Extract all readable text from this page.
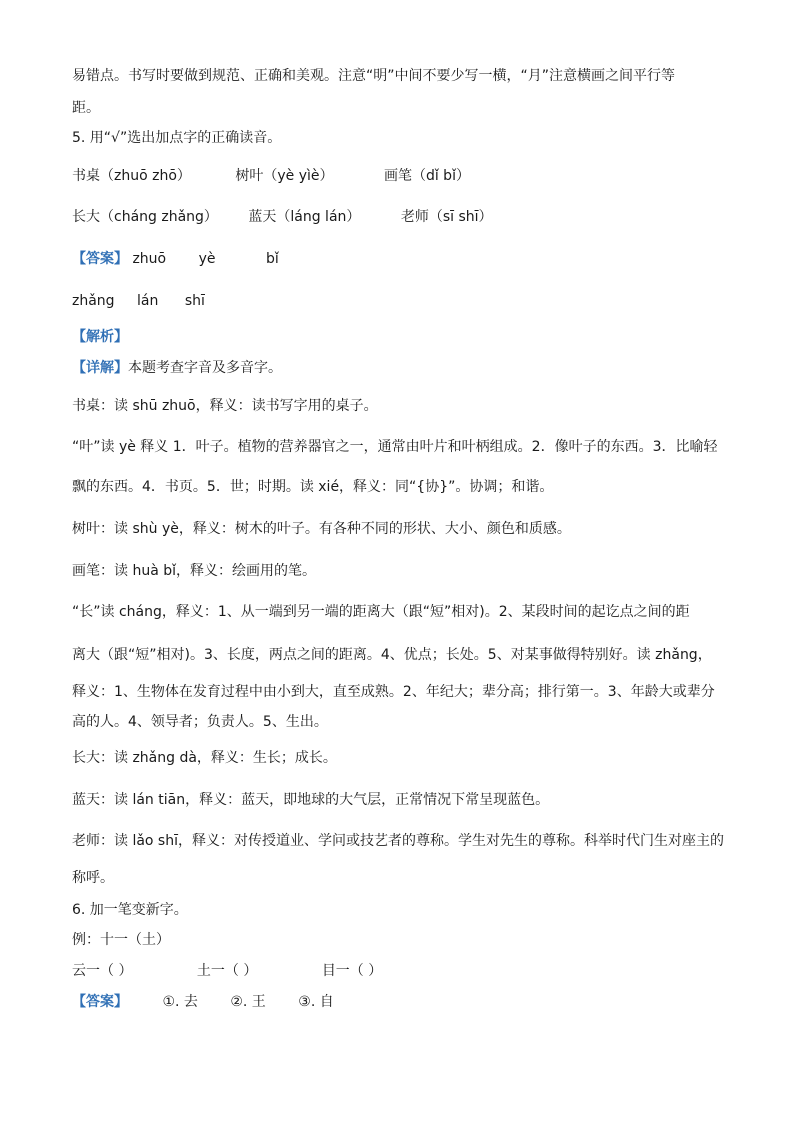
易错点。书写时要做到规范、正确和美观。注意“明”中间不要少写一横，“月”注意横画之间平行等
距。
5. 用“√”选出加点字的正确读音。
书桌（zhuō zhō）	树叶（yè yìè）	画笔（dǐ bǐ）
长大（cháng zhǎng） 蓝天（láng lán）	老师（sī shī）
【答案】 zhuō yè	bǐ
zhǎng lán shī
【解析】
【详解】本题考查字音及多音字。
书桌：读 shū zhuō，释义：读书写字用的桌子。
“叶”读 yè 释义 1．叶子。植物的营养器官之一，通常由叶片和叶柄组成。2．像叶子的东西。3．比喻轻
飘的东西。4．书页。5．世；时期。读 xié，释义：同“{协}”。协调；和谐。
树叶：读 shù yè，释义：树木的叶子。有各种不同的形状、大小、颜色和质感。
画笔：读 huà bǐ，释义：绘画用的笔。
“长”读 cháng，释义：1、从一端到另一端的距离大（跟“短”相对)。2、某段时间的起讫点之间的距
离大（跟“短”相对)。3、长度，两点之间的距离。4、优点；长处。5、对某事做得特别好。读 zhǎng，
释义：1、生物体在发育过程中由小到大，直至成熟。2、年纪大；辈分高；排行第一。3、年龄大或辈分
高的人。4、领导者；负责人。5、生出。
长大：读 zhǎng dà，释义：生长；成长。
蓝天：读 lán tiān，释义：蓝天，即地球的大气层，正常情况下常呈现蓝色。
老师：读 lǎo shī，释义：对传授道业、学问或技艺者的尊称。学生对先生的尊称。科举时代门生对座主的
称呼。
6. 加一笔变新字。
例：十一（土）
云一（ ）	土一（ ）	目一（ ）
【答案】 ①. 去 ②. 王 ③. 自
